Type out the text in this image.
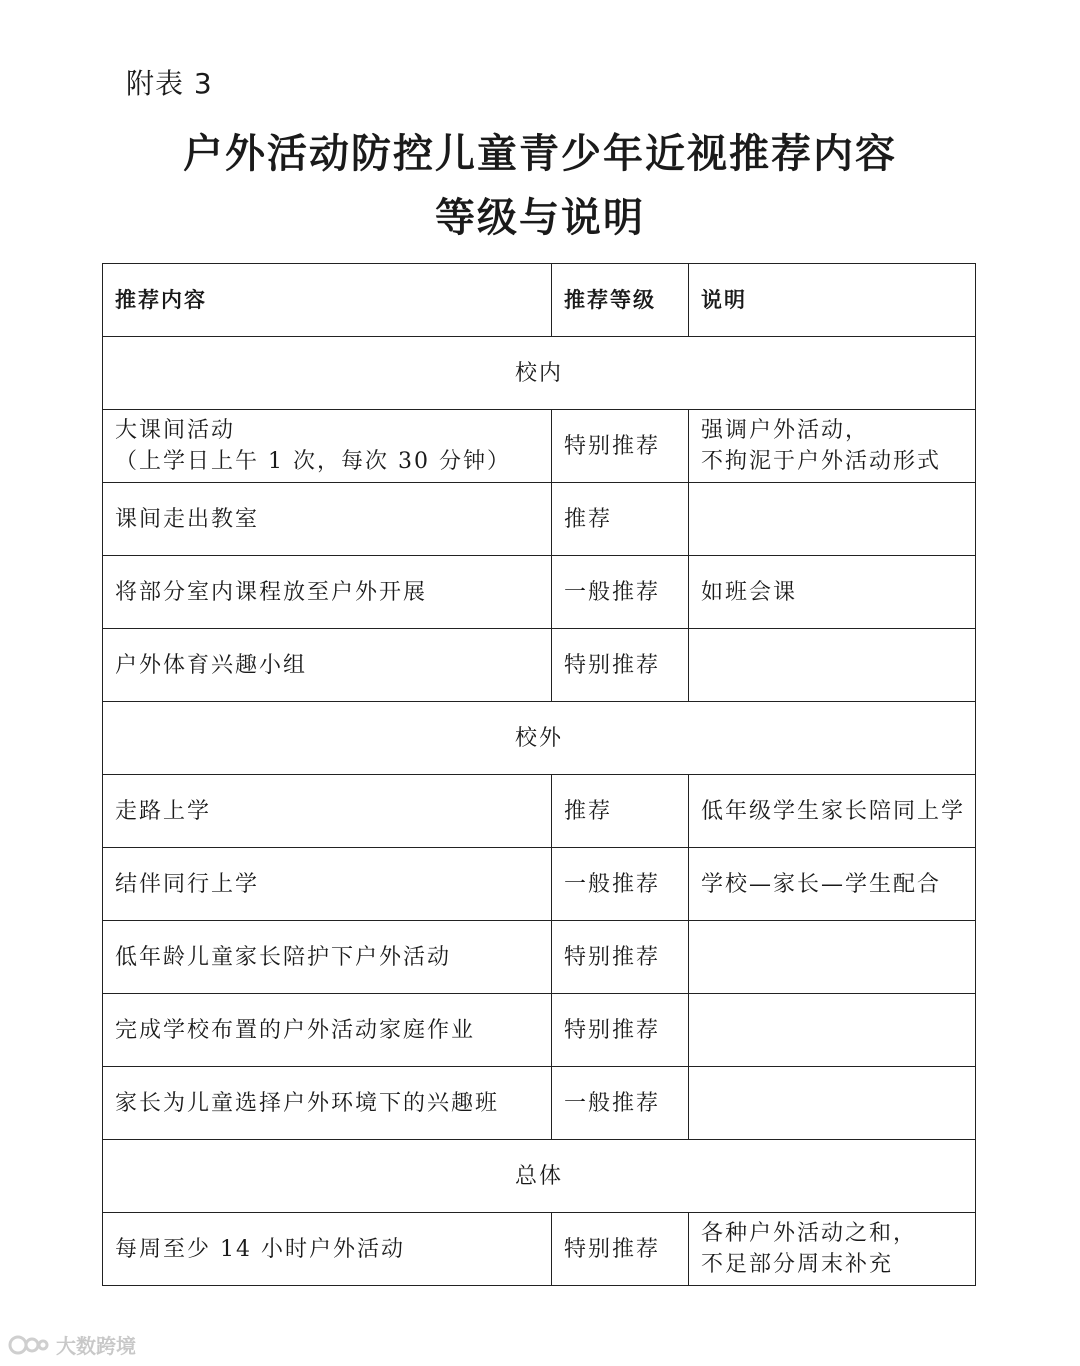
附表 3
户外活动防控儿童青少年近视推荐内容
等级与说明
推荐内容	推荐等级	说明
校内		

大课间活动
（上学日上午 1 次，每次 30 分钟）	特别推荐	强调户外活动，
不拘泥于户外活动形式

课间走出教室	推荐	

将部分室内课程放至户外开展	一般推荐	如班会课

户外体育兴趣小组	特别推荐	
校外		

走路上学	推荐	低年级学生家长陪同上学

结伴同行上学	一般推荐	学校—家长—学生配合

低年龄儿童家长陪护下户外活动	特别推荐	

完成学校布置的户外活动家庭作业	特别推荐	

家长为儿童选择户外环境下的兴趣班	一般推荐	
总体		

每周至少 14 小时户外活动	特别推荐	各种户外活动之和，
不足部分周末补充
大数跨境
